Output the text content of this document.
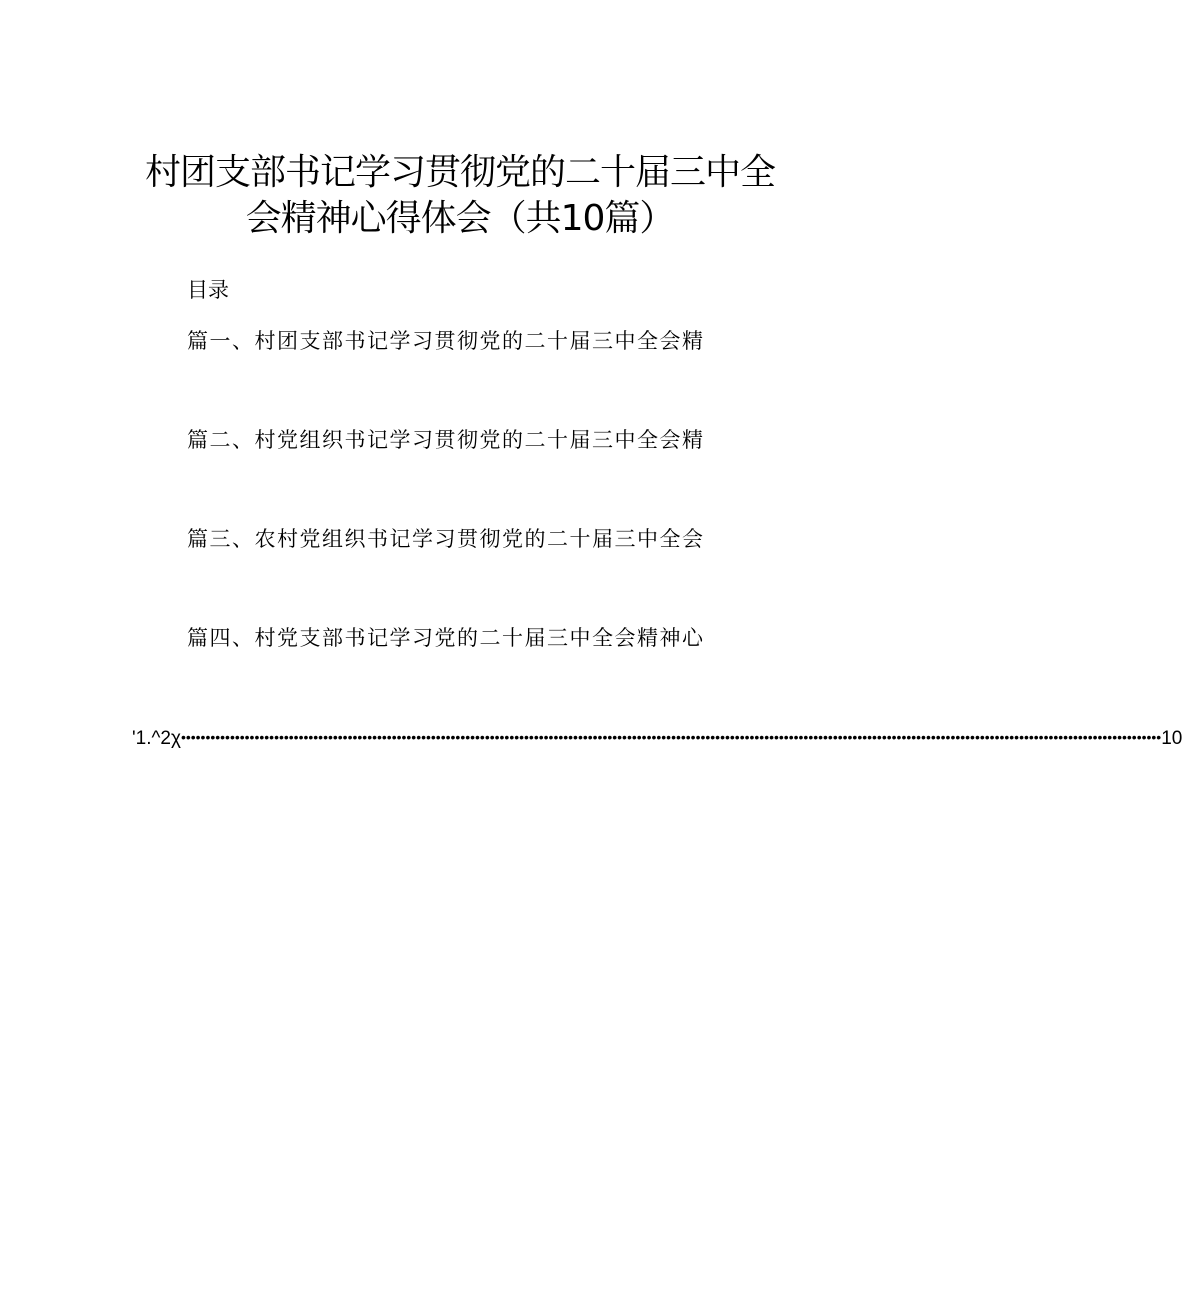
村团支部书记学习贯彻党的二十届三中全
会精神心得体会（共10篇）
目录
篇一、村团支部书记学习贯彻党的二十届三中全会精
篇二、村党组织书记学习贯彻党的二十届三中全会精
篇三、农村党组织书记学习贯彻党的二十届三中全会
篇四、村党支部书记学习党的二十届三中全会精神心
'1.^2χ •••••••••••••••••••••••••••••••••••••••••••••••••••••••••••••••••••••••••••••••••••••••••••••••••••••••••••••••••••••••••••••••••••••••••••••••••••••••••••••••••••••••••••••••••••••••••••••••••••••••• 10
